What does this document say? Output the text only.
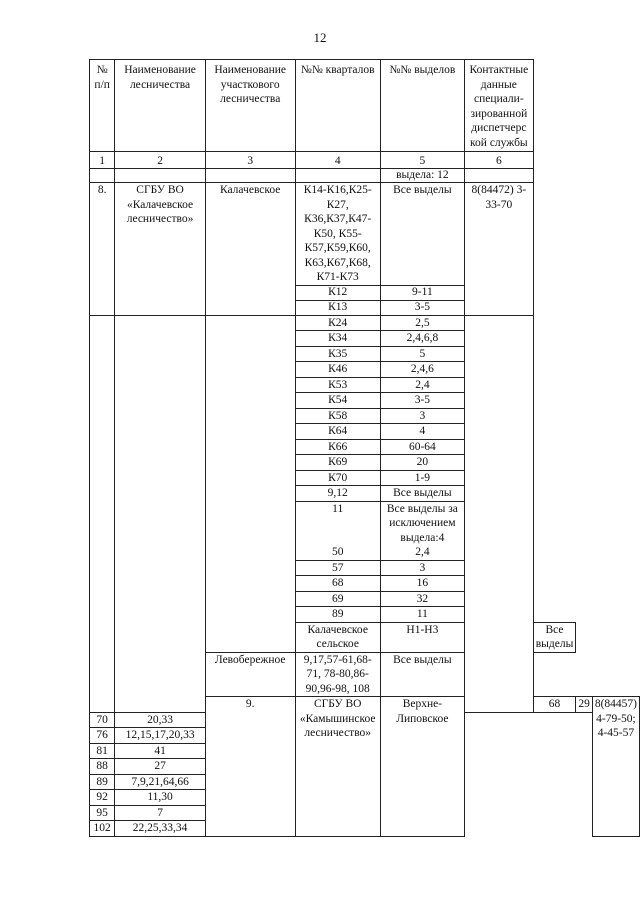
12
№ п/п	Наименование лесничества	Наименование участкового лесничества	№№ кварталов	№№ выделов	Контактные данные специали-зированной диспетчерс кой службы			
1	2	3	4	5	6			
				выдела: 12				
8.	СГБУ ВО «Калачевское лесничество»	Калачевское	К14-К16,К25-К27, К36,К37,К47-К50, К55-К57,К59,К60, К63,К67,К68, К71-К73	Все выделы	8(84472) 3-33-70			
			К12	9-11				
			К13	3-5				
			К24	2,5				
			К34	2,4,6,8				
			К35	5				
			К46	2,4,6				
			К53	2,4				
			К54	3-5				
			К58	3				
			К64	4				
			К66	60-64				
			К69	20				
			К70	1-9				
			9,12	Все выделы				
			11	Все выделы за исключением выдела:4				
			50	2,4				
			57	3				
			68	16				
			69	32				
			89	11				
			Калачевское сельское	Н1-Н3		Все выделы		
		Левобережное	9,17,57-61,68-71, 78-80,86-90,96-98, 108	Все выделы				
		9.	СГБУ ВО «Камышинское лесничество»	Верхне-Липовское		68	29	8(84457) 4-79-50; 4-45-57
70	20,33							
76	12,15,17,20,33							
81	41							
88	27							
89	7,9,21,64,66							
92	11,30							
95	7							
102	22,25,33,34							
